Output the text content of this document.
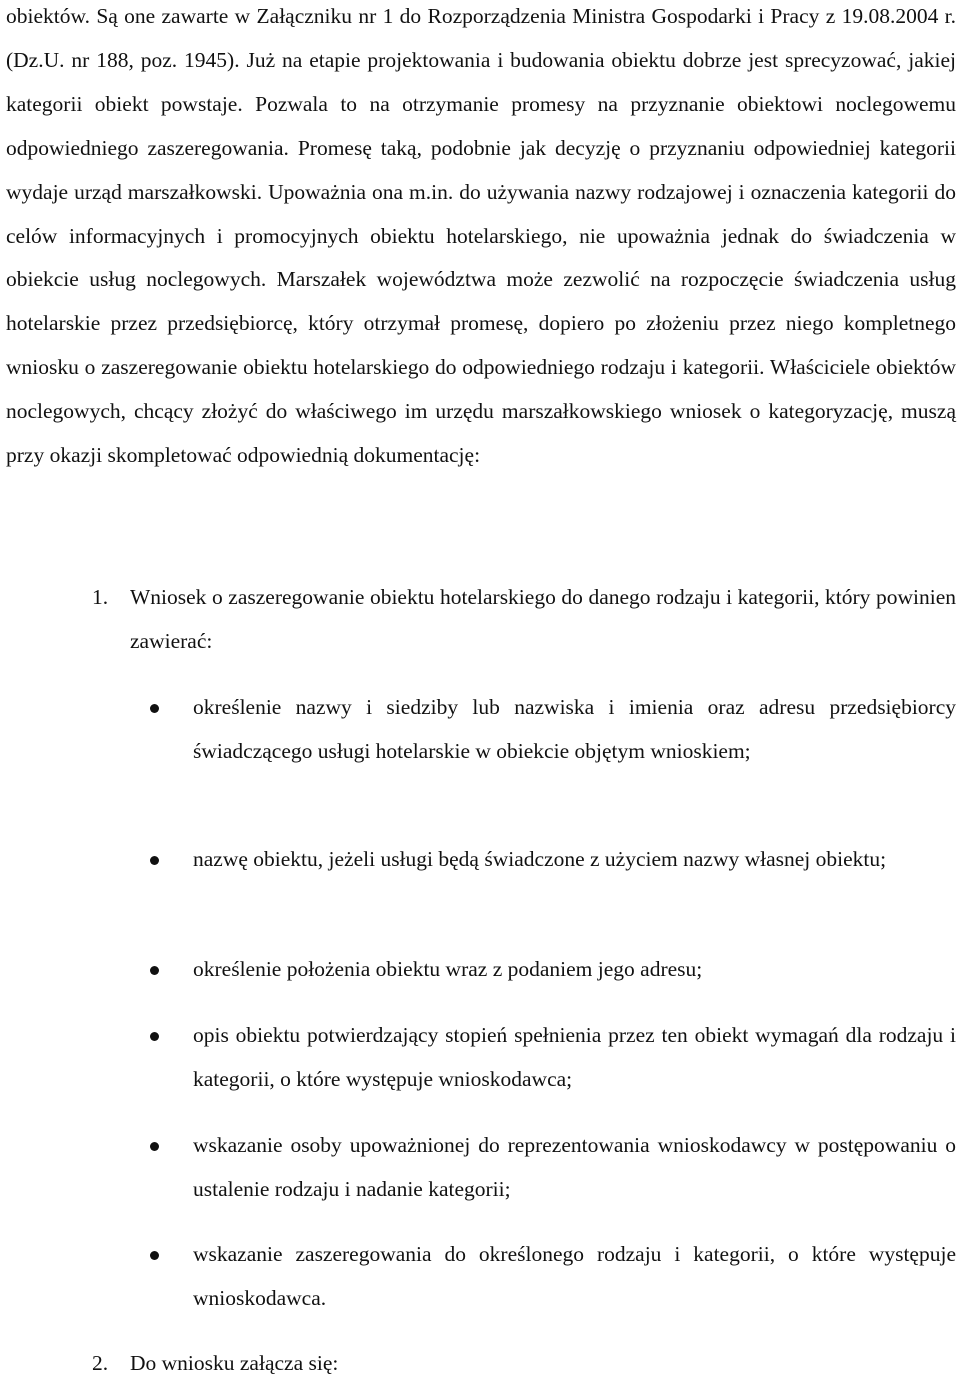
obiektów. Są one zawarte w Załączniku nr 1 do Rozporządzenia Ministra Gospodarki i Pracy z 19.08.2004 r. (Dz.U. nr 188, poz. 1945). Już na etapie projektowania i budowania obiektu dobrze jest sprecyzować, jakiej kategorii obiekt powstaje. Pozwala to na otrzymanie promesy na przyznanie obiektowi noclegowemu odpowiedniego zaszeregowania. Promesę taką, podobnie jak decyzję o przyznaniu odpowiedniej kategorii wydaje urząd marszałkowski. Upoważnia ona m.in. do używania nazwy rodzajowej i oznaczenia kategorii do celów informacyjnych i promocyjnych obiektu hotelarskiego, nie upoważnia jednak do świadczenia w obiekcie usług noclegowych. Marszałek województwa może zezwolić na rozpoczęcie świadczenia usług hotelarskie przez przedsiębiorcę, który otrzymał promesę, dopiero po złożeniu przez niego kompletnego wniosku o zaszeregowanie obiektu hotelarskiego do odpowiedniego rodzaju i kategorii. Właściciele obiektów noclegowych, chcący złożyć do właściwego im urzędu marszałkowskiego wniosek o kategoryzację, muszą przy okazji skompletować odpowiednią dokumentację:

1. Wniosek o zaszeregowanie obiektu hotelarskiego do danego rodzaju i kategorii, który powinien zawierać:
określenie nazwy i siedziby lub nazwiska i imienia oraz adresu przedsiębiorcy świadczącego usługi hotelarskie w obiekcie objętym wnioskiem;
nazwę obiektu, jeżeli usługi będą świadczone z użyciem nazwy własnej obiektu;
określenie położenia obiektu wraz z podaniem jego adresu;
opis obiektu potwierdzający stopień spełnienia przez ten obiekt wymagań dla rodzaju i kategorii, o które występuje wnioskodawca;
wskazanie osoby upoważnionej do reprezentowania wnioskodawcy w postępowaniu o ustalenie rodzaju i nadanie kategorii;
wskazanie zaszeregowania do określonego rodzaju i kategorii, o które występuje wnioskodawca.
2. Do wniosku załącza się:
